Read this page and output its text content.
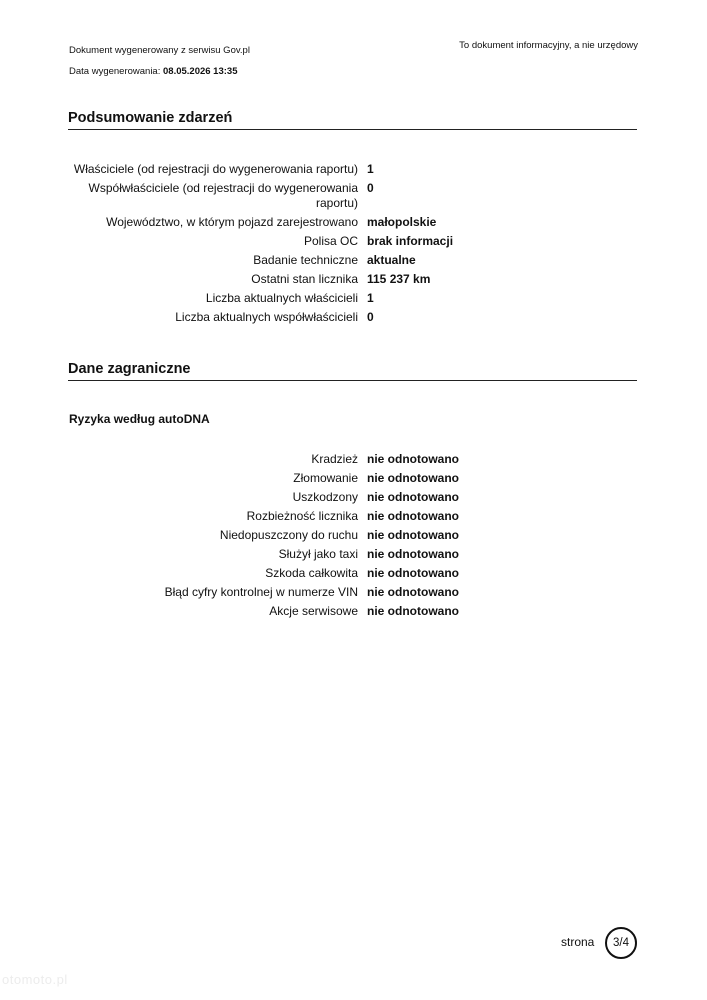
Dokument wygenerowany z serwisu Gov.pl
Data wygenerowania: 08.05.2026 13:35
To dokument informacyjny, a nie urzędowy
Podsumowanie zdarzeń
Właściciele (od rejestracji do wygenerowania raportu) 1
Współwłaściciele (od rejestracji do wygenerowania raportu)
0
Województwo, w którym pojazd zarejestrowano małopolskie
Polisa OC brak informacji
Badanie techniczne aktualne
Ostatni stan licznika 115 237 km
Liczba aktualnych właścicieli 1
Liczba aktualnych współwłaścicieli 0
Dane zagraniczne
Ryzyka według autoDNA
Kradzież nie odnotowano
Złomowanie nie odnotowano
Uszkodzony nie odnotowano
Rozbieżność licznika nie odnotowano
Niedopuszczony do ruchu nie odnotowano
Służył jako taxi nie odnotowano
Szkoda całkowita nie odnotowano
Błąd cyfry kontrolnej w numerze VIN nie odnotowano
Akcje serwisowe nie odnotowano
strona	3/4
otomoto.pl
